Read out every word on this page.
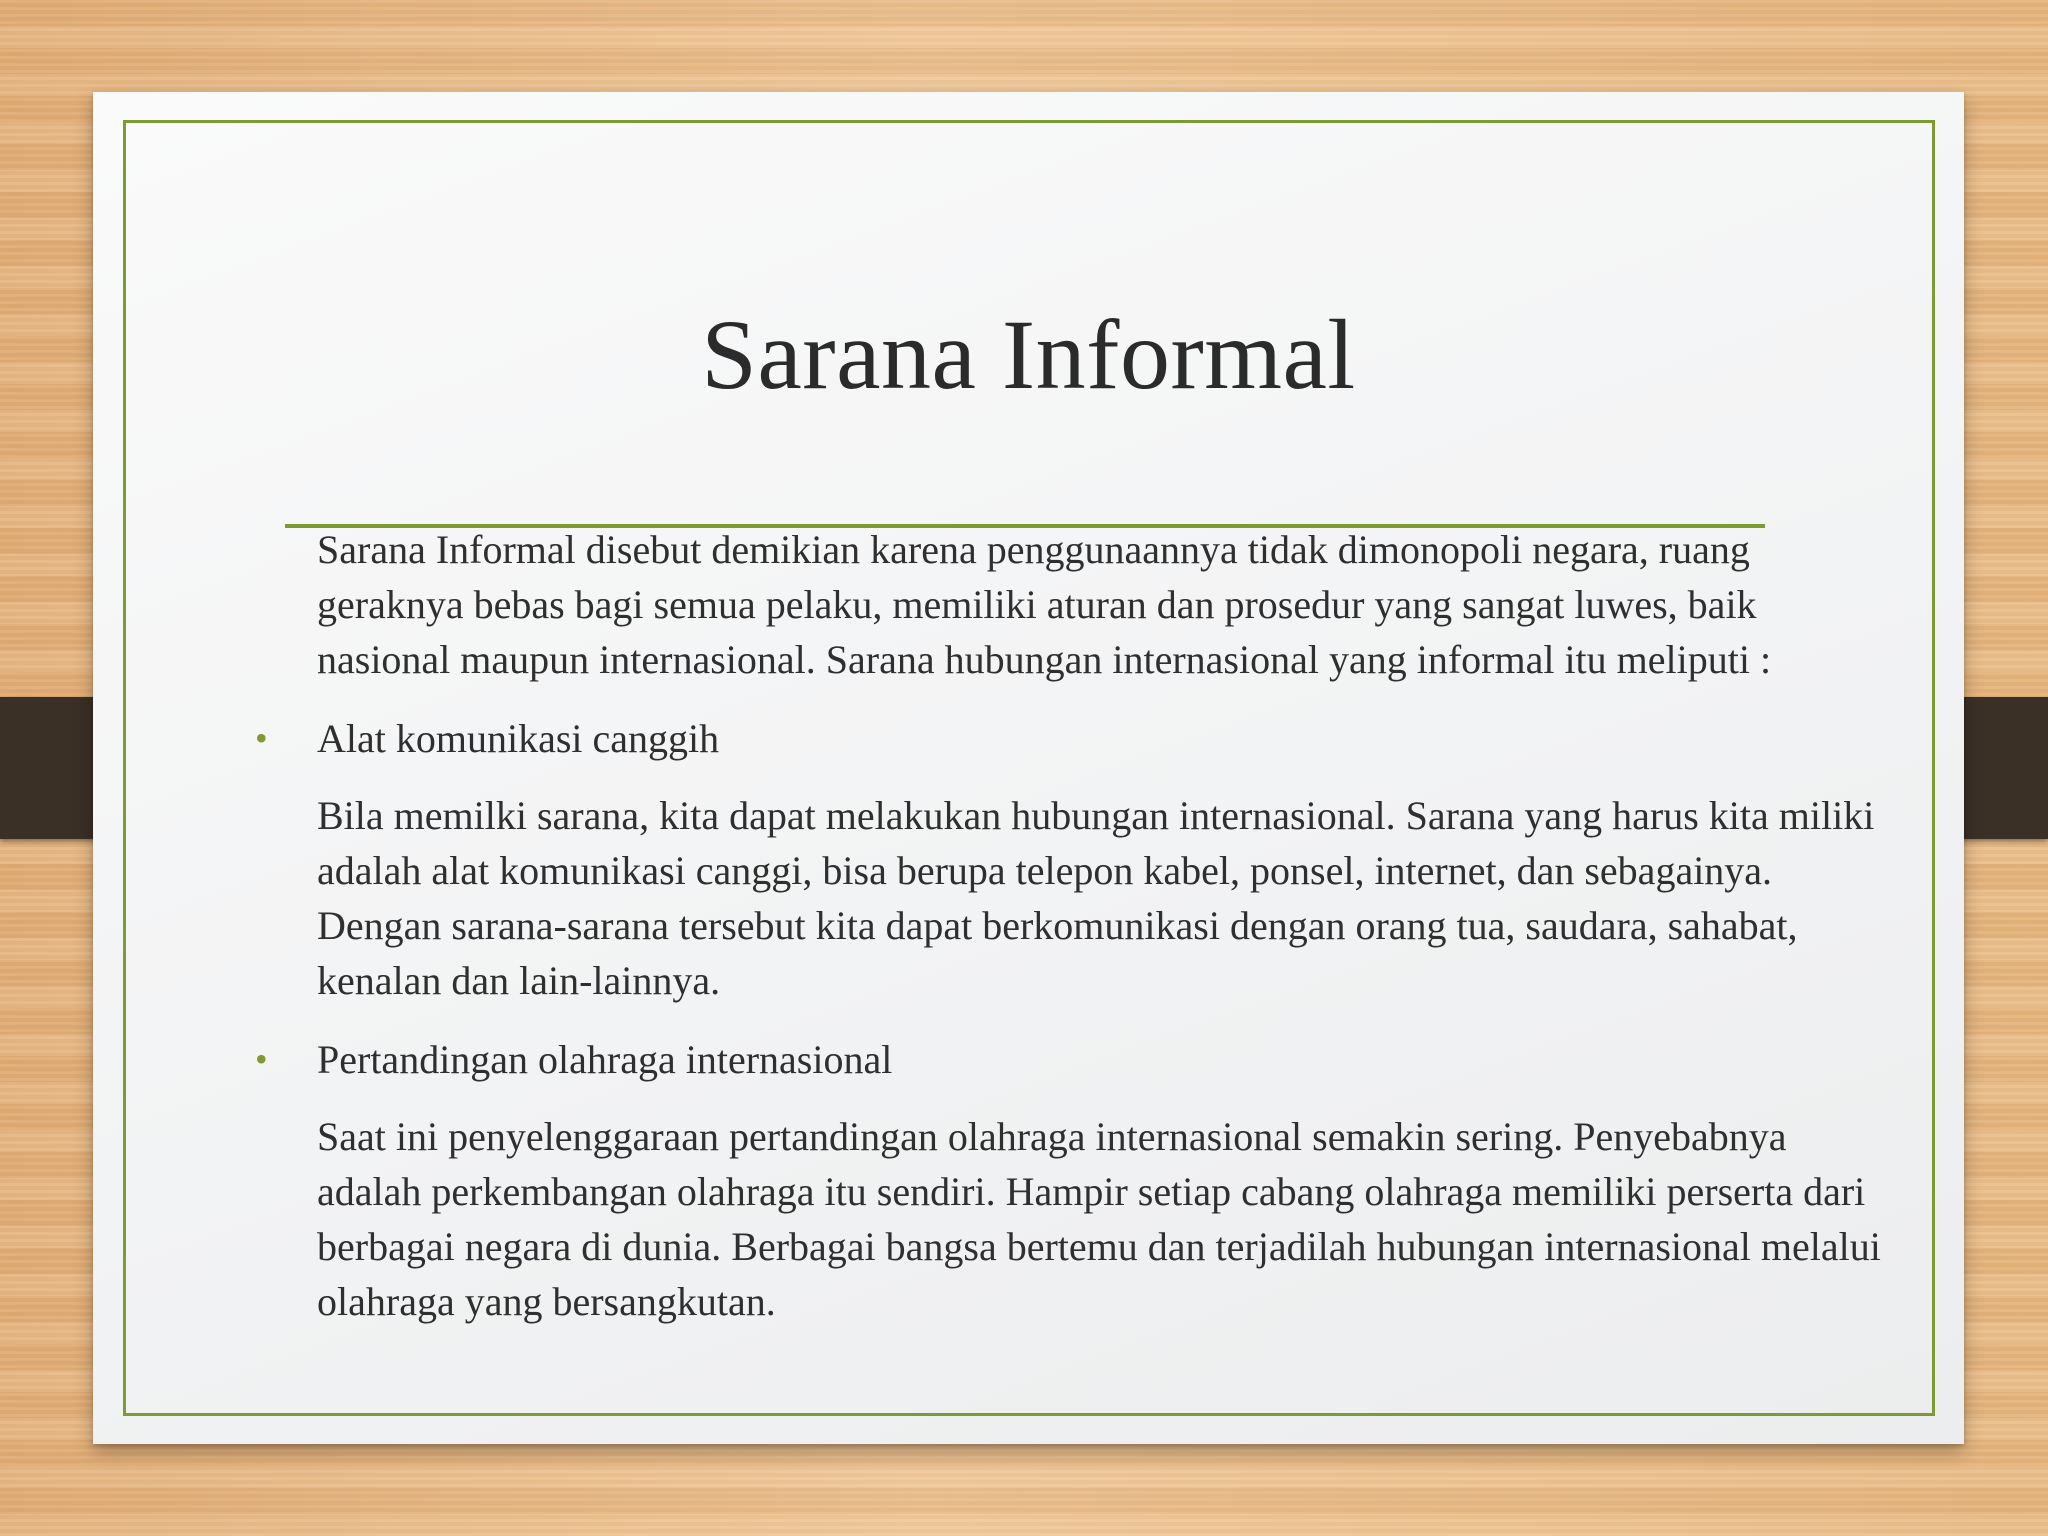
Sarana Informal

Sarana Informal disebut demikian karena penggunaannya tidak dimonopoli negara, ruang geraknya bebas bagi semua pelaku, memiliki aturan dan prosedur yang sangat luwes, baik nasional maupun internasional. Sarana hubungan internasional yang informal itu meliputi :

• Alat komunikasi canggih

Bila memilki sarana, kita dapat melakukan hubungan internasional. Sarana yang harus kita miliki adalah alat komunikasi canggi, bisa berupa telepon kabel, ponsel, internet, dan sebagainya. Dengan sarana-sarana tersebut kita dapat berkomunikasi dengan orang tua, saudara, sahabat, kenalan dan lain-lainnya.

• Pertandingan olahraga internasional

Saat ini penyelenggaraan pertandingan olahraga internasional semakin sering. Penyebabnya adalah perkembangan olahraga itu sendiri. Hampir setiap cabang olahraga memiliki perserta dari berbagai negara di dunia. Berbagai bangsa bertemu dan terjadilah hubungan internasional melalui olahraga yang bersangkutan.
